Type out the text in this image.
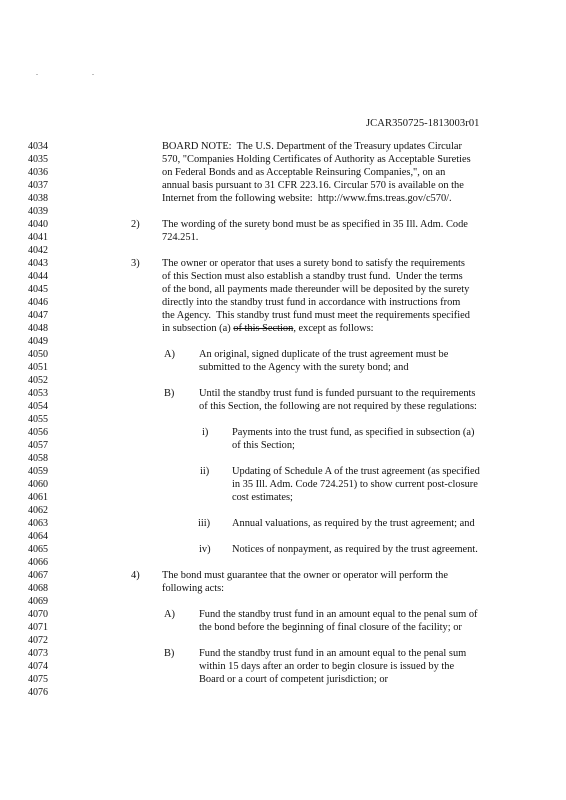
. .
JCAR350725-1813003r01
4034
4035
4036
4037
4038
4039
4040
4041
4042
4043
4044
4045
4046
4047
4048
4049
4050
4051
4052
4053
4054
4055
4056
4057
4058
4059
4060
4061
4062
4063
4064
4065
4066
4067
4068
4069
4070
4071
4072
4073
4074
4075
4076
BOARD NOTE:  The U.S. Department of the Treasury updates Circular
570, "Companies Holding Certificates of Authority as Acceptable Sureties
on Federal Bonds and as Acceptable Reinsuring Companies,", on an
annual basis pursuant to 31 CFR 223.16. Circular 570 is available on the
Internet from the following website:  http://www.fms.treas.gov/c570/.
2) The wording of the surety bond must be as specified in 35 Ill. Adm. Code
724.251.
3) The owner or operator that uses a surety bond to satisfy the requirements
of this Section must also establish a standby trust fund.  Under the terms
of the bond, all payments made thereunder will be deposited by the surety
directly into the standby trust fund in accordance with instructions from
the Agency.  This standby trust fund must meet the requirements specified
in subsection (a) of this Section, except as follows:
A) An original, signed duplicate of the trust agreement must be
submitted to the Agency with the surety bond; and
B) Until the standby trust fund is funded pursuant to the requirements
of this Section, the following are not required by these regulations:
i) Payments into the trust fund, as specified in subsection (a)
of this Section;
ii) Updating of Schedule A of the trust agreement (as specified
in 35 Ill. Adm. Code 724.251) to show current post-closure
cost estimates;
iii) Annual valuations, as required by the trust agreement; and
iv) Notices of nonpayment, as required by the trust agreement.
4) The bond must guarantee that the owner or operator will perform the
following acts:
A) Fund the standby trust fund in an amount equal to the penal sum of
the bond before the beginning of final closure of the facility; or
B) Fund the standby trust fund in an amount equal to the penal sum
within 15 days after an order to begin closure is issued by the
Board or a court of competent jurisdiction; or
